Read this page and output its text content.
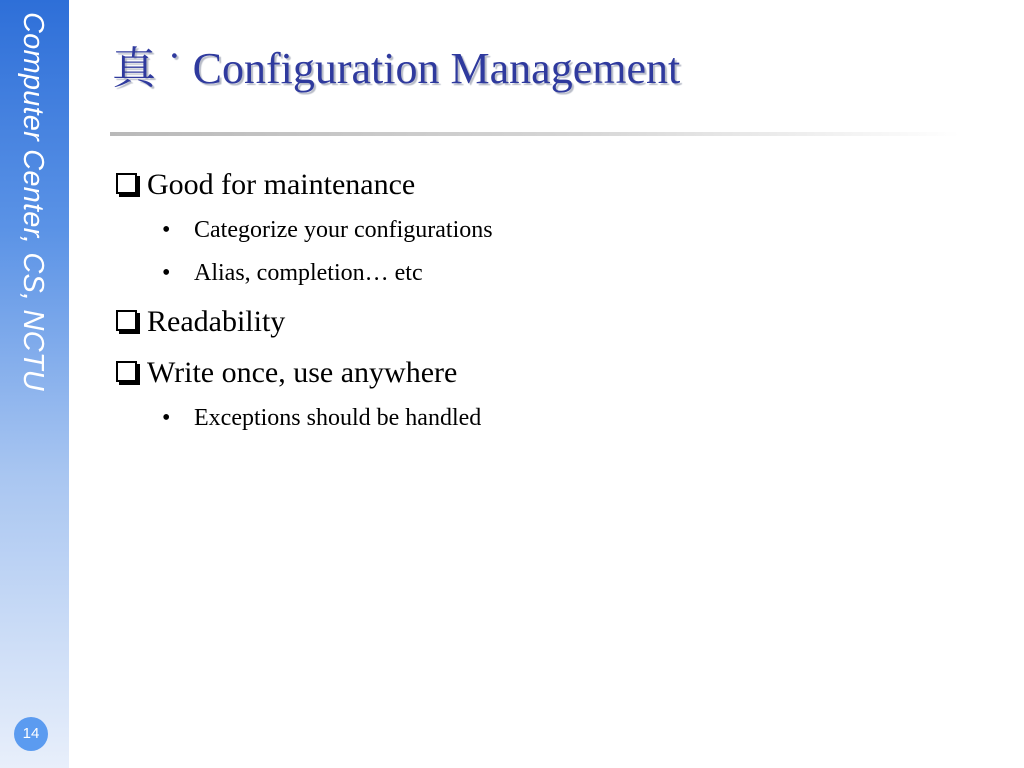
Computer Center, CS, NCTU
14
真 ˙ Configuration Management
Good for maintenance
• Categorize your configurations
• Alias, completion… etc
Readability
Write once, use anywhere
• Exceptions should be handled
